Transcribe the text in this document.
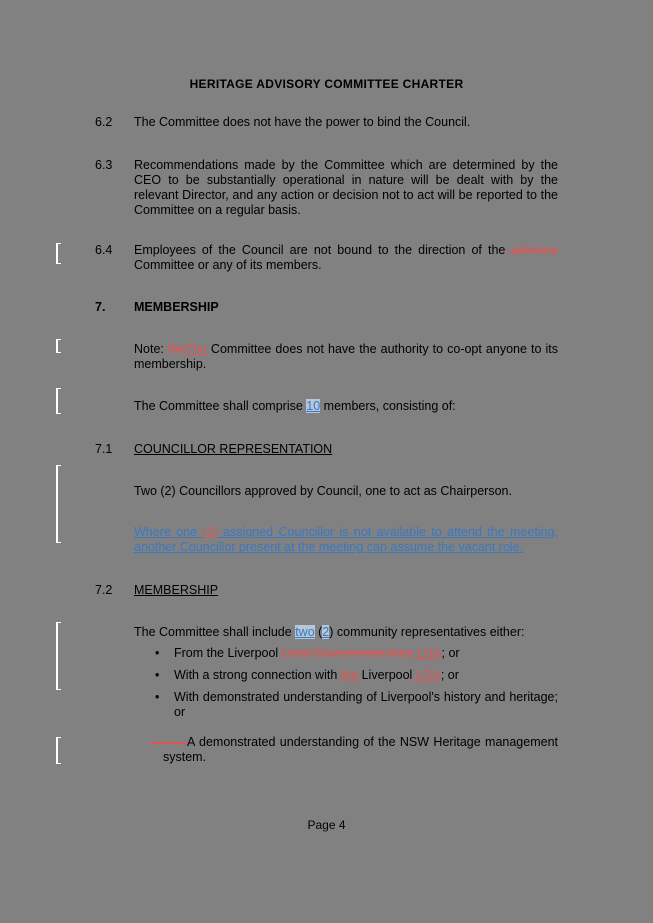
HERITAGE ADVISORY COMMITTEE CHARTER
6.2	The Committee does not have the power to bind the Council.
6.3	Recommendations made by the Committee which are determined by the CEO to be substantially operational in nature will be dealt with by the relevant Director, and any action or decision not to act will be reported to the Committee on a regular basis.
6.4	Employees of the Council are not bound to the direction of the advisory Committee or any of its members.
7.	MEMBERSHIP
Note: theThe Committee does not have the authority to co-opt anyone to its membership.
The Committee shall comprise 10 members, consisting of:
7.1	COUNCILLOR REPRESENTATION
Two (2) Councillors approved by Council, one to act as Chairperson.
Where one (1) assigned Councillor is not available to attend the meeting, another Councillor present at the meeting can assume the vacant role.
7.2	MEMBERSHIP
The Committee shall include two (2) community representatives either:
•	From the Liverpool Local Government Area LGA; or
•	With a strong connection with the Liverpool LGA; or
•	With demonstrated understanding of Liverpool's history and heritage; or
A demonstrated understanding of the NSW Heritage management system.
Page 4
